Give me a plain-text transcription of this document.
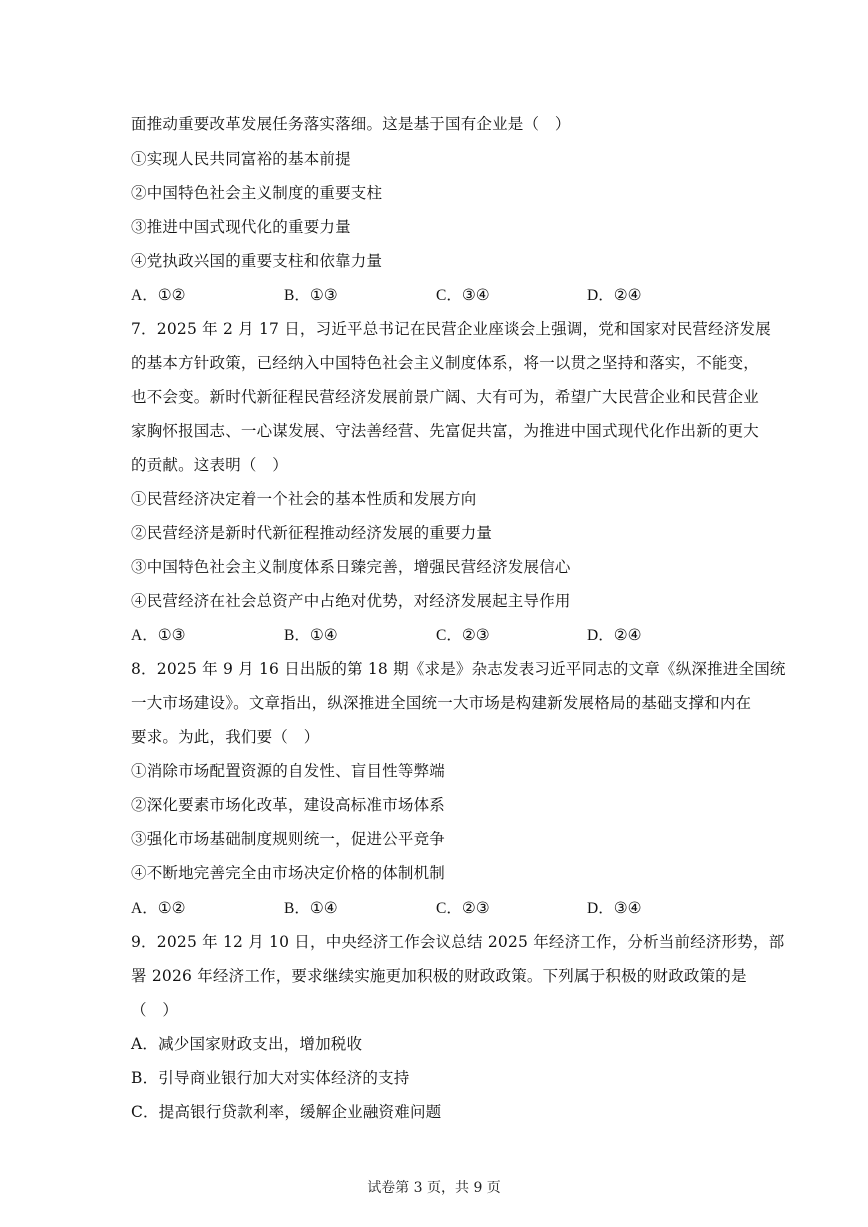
面推动重要改革发展任务落实落细。这是基于国有企业是（　）
①实现人民共同富裕的基本前提
②中国特色社会主义制度的重要支柱
③推进中国式现代化的重要力量
④党执政兴国的重要支柱和依靠力量
A．①②	B．①③	C．③④	D．②④
7．2025 年 2 月 17 日，习近平总书记在民营企业座谈会上强调，党和国家对民营经济发展
的基本方针政策，已经纳入中国特色社会主义制度体系，将一以贯之坚持和落实，不能变，
也不会变。新时代新征程民营经济发展前景广阔、大有可为，希望广大民营企业和民营企业
家胸怀报国志、一心谋发展、守法善经营、先富促共富，为推进中国式现代化作出新的更大
的贡献。这表明（　）
①民营经济决定着一个社会的基本性质和发展方向
②民营经济是新时代新征程推动经济发展的重要力量
③中国特色社会主义制度体系日臻完善，增强民营经济发展信心
④民营经济在社会总资产中占绝对优势，对经济发展起主导作用
A．①③	B．①④	C．②③	D．②④
8．2025 年 9 月 16 日出版的第 18 期《求是》杂志发表习近平同志的文章《纵深推进全国统
一大市场建设》。文章指出，纵深推进全国统一大市场是构建新发展格局的基础支撑和内在
要求。为此，我们要（　）
①消除市场配置资源的自发性、盲目性等弊端
②深化要素市场化改革，建设高标准市场体系
③强化市场基础制度规则统一，促进公平竞争
④不断地完善完全由市场决定价格的体制机制
A．①②	B．①④	C．②③	D．③④
9．2025 年 12 月 10 日，中央经济工作会议总结 2025 年经济工作，分析当前经济形势，部
署 2026 年经济工作，要求继续实施更加积极的财政政策。下列属于积极的财政政策的是
（　）
A．减少国家财政支出，增加税收
B．引导商业银行加大对实体经济的支持
C．提高银行贷款利率，缓解企业融资难问题
试卷第 3 页，共 9 页
